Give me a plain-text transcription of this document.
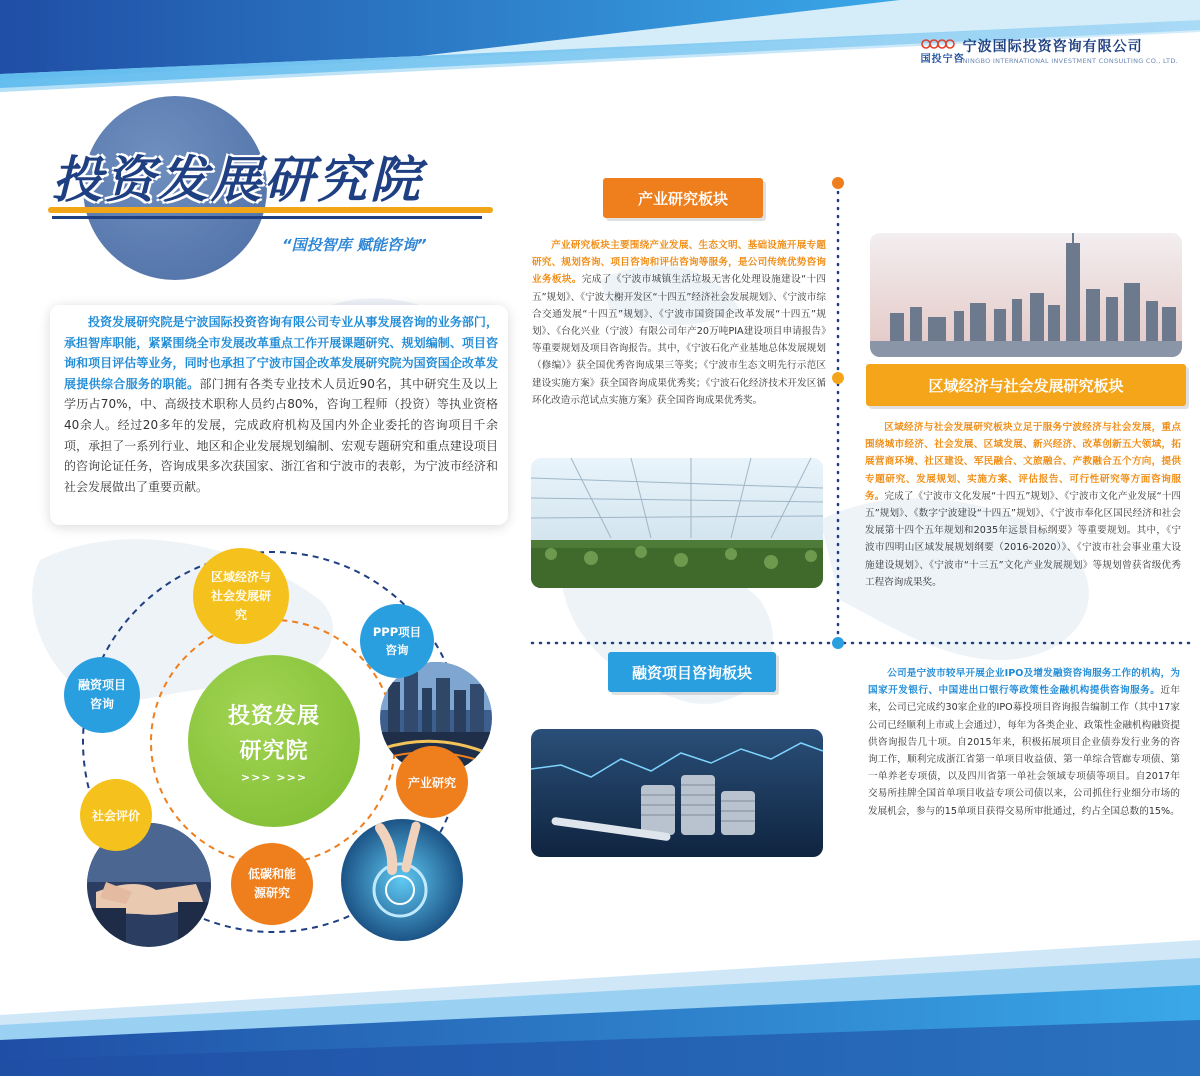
国投宁咨
宁波国际投资咨询有限公司
NINGBO INTERNATIONAL INVESTMENT CONSULTING CO., LTD.
投资发展研究院
“国投智库 赋能咨询”
投资发展研究院是宁波国际投资咨询有限公司专业从事发展咨询的业务部门，承担智库职能，紧紧围绕全市发展改革重点工作开展课题研究、规划编制、项目咨询和项目评估等业务，同时也承担了宁波市国企改革发展研究院为国资国企改革发展提供综合服务的职能。部门拥有各类专业技术人员近90名，其中研究生及以上学历占70%，中、高级技术职称人员约占80%，咨询工程师（投资）等执业资格40余人。经过20多年的发展，完成政府机构及国内外企业委托的咨询项目千余项，承担了一系列行业、地区和企业发展规划编制、宏观专题研究和重点建设项目的咨询论证任务，咨询成果多次获国家、浙江省和宁波市的表彰，为宁波市经济和社会发展做出了重要贡献。
投资发展
研究院
>>> >>>
区域经济与社会发展研究
PPP项目咨询
融资项目咨询
产业研究
社会评价
低碳和能源研究
产业研究板块
产业研究板块主要围绕产业发展、生态文明、基础设施开展专题研究、规划咨询、项目咨询和评估咨询等服务，是公司传统优势咨询业务板块。完成了《宁波市城镇生活垃圾无害化处理设施建设“十四五”规划》、《宁波大榭开发区“十四五”经济社会发展规划》、《宁波市综合交通发展“十四五”规划》、《宁波市国资国企改革发展“十四五”规划》、《台化兴业（宁波）有限公司年产20万吨PIA建设项目申请报告》等重要规划及项目咨询报告。其中，《宁波石化产业基地总体发展规划（修编）》获全国优秀咨询成果三等奖；《宁波市生态文明先行示范区建设实施方案》获全国咨询成果优秀奖；《宁波石化经济技术开发区循环化改造示范试点实施方案》获全国咨询成果优秀奖。
区域经济与社会发展研究板块
区域经济与社会发展研究板块立足于服务宁波经济与社会发展，重点围绕城市经济、社会发展、区域发展、新兴经济、改革创新五大领域，拓展营商环境、社区建设、军民融合、文旅融合、产教融合五个方向，提供专题研究、发展规划、实施方案、评估报告、可行性研究等方面咨询服务。完成了《宁波市文化发展“十四五”规划》、《宁波市文化产业发展“十四五”规划》、《数字宁波建设“十四五”规划》、《宁波市奉化区国民经济和社会发展第十四个五年规划和2035年远景目标纲要》等重要规划。其中，《宁波市四明山区域发展规划纲要（2016-2020）》、《宁波市社会事业重大设施建设规划》、《宁波市“十三五”文化产业发展规划》等规划曾获省级优秀工程咨询成果奖。
融资项目咨询板块	公司是宁波市较早开展企业IPO及增发融资咨询服务工作的机构，为国家开发银行、中国进出口银行等政策性金融机构提供咨询服务。近年来，公司已完成约30家企业的IPO募投项目咨询报告编制工作（其中17家公司已经顺利上市或上会通过），每年为各类企业、政策性金融机构融资提供咨询报告几十项。自2015年来，积极拓展项目企业债券发行业务的咨询工作，顺利完成浙江省第一单项目收益债、第一单综合管廊专项债、第一单养老专项债，以及四川省第一单社会领域专项债等项目。自2017年交易所挂牌全国首单项目收益专项公司债以来，公司抓住行业细分市场的发展机会，参与的15单项目获得交易所审批通过，约占全国总数的15%。
